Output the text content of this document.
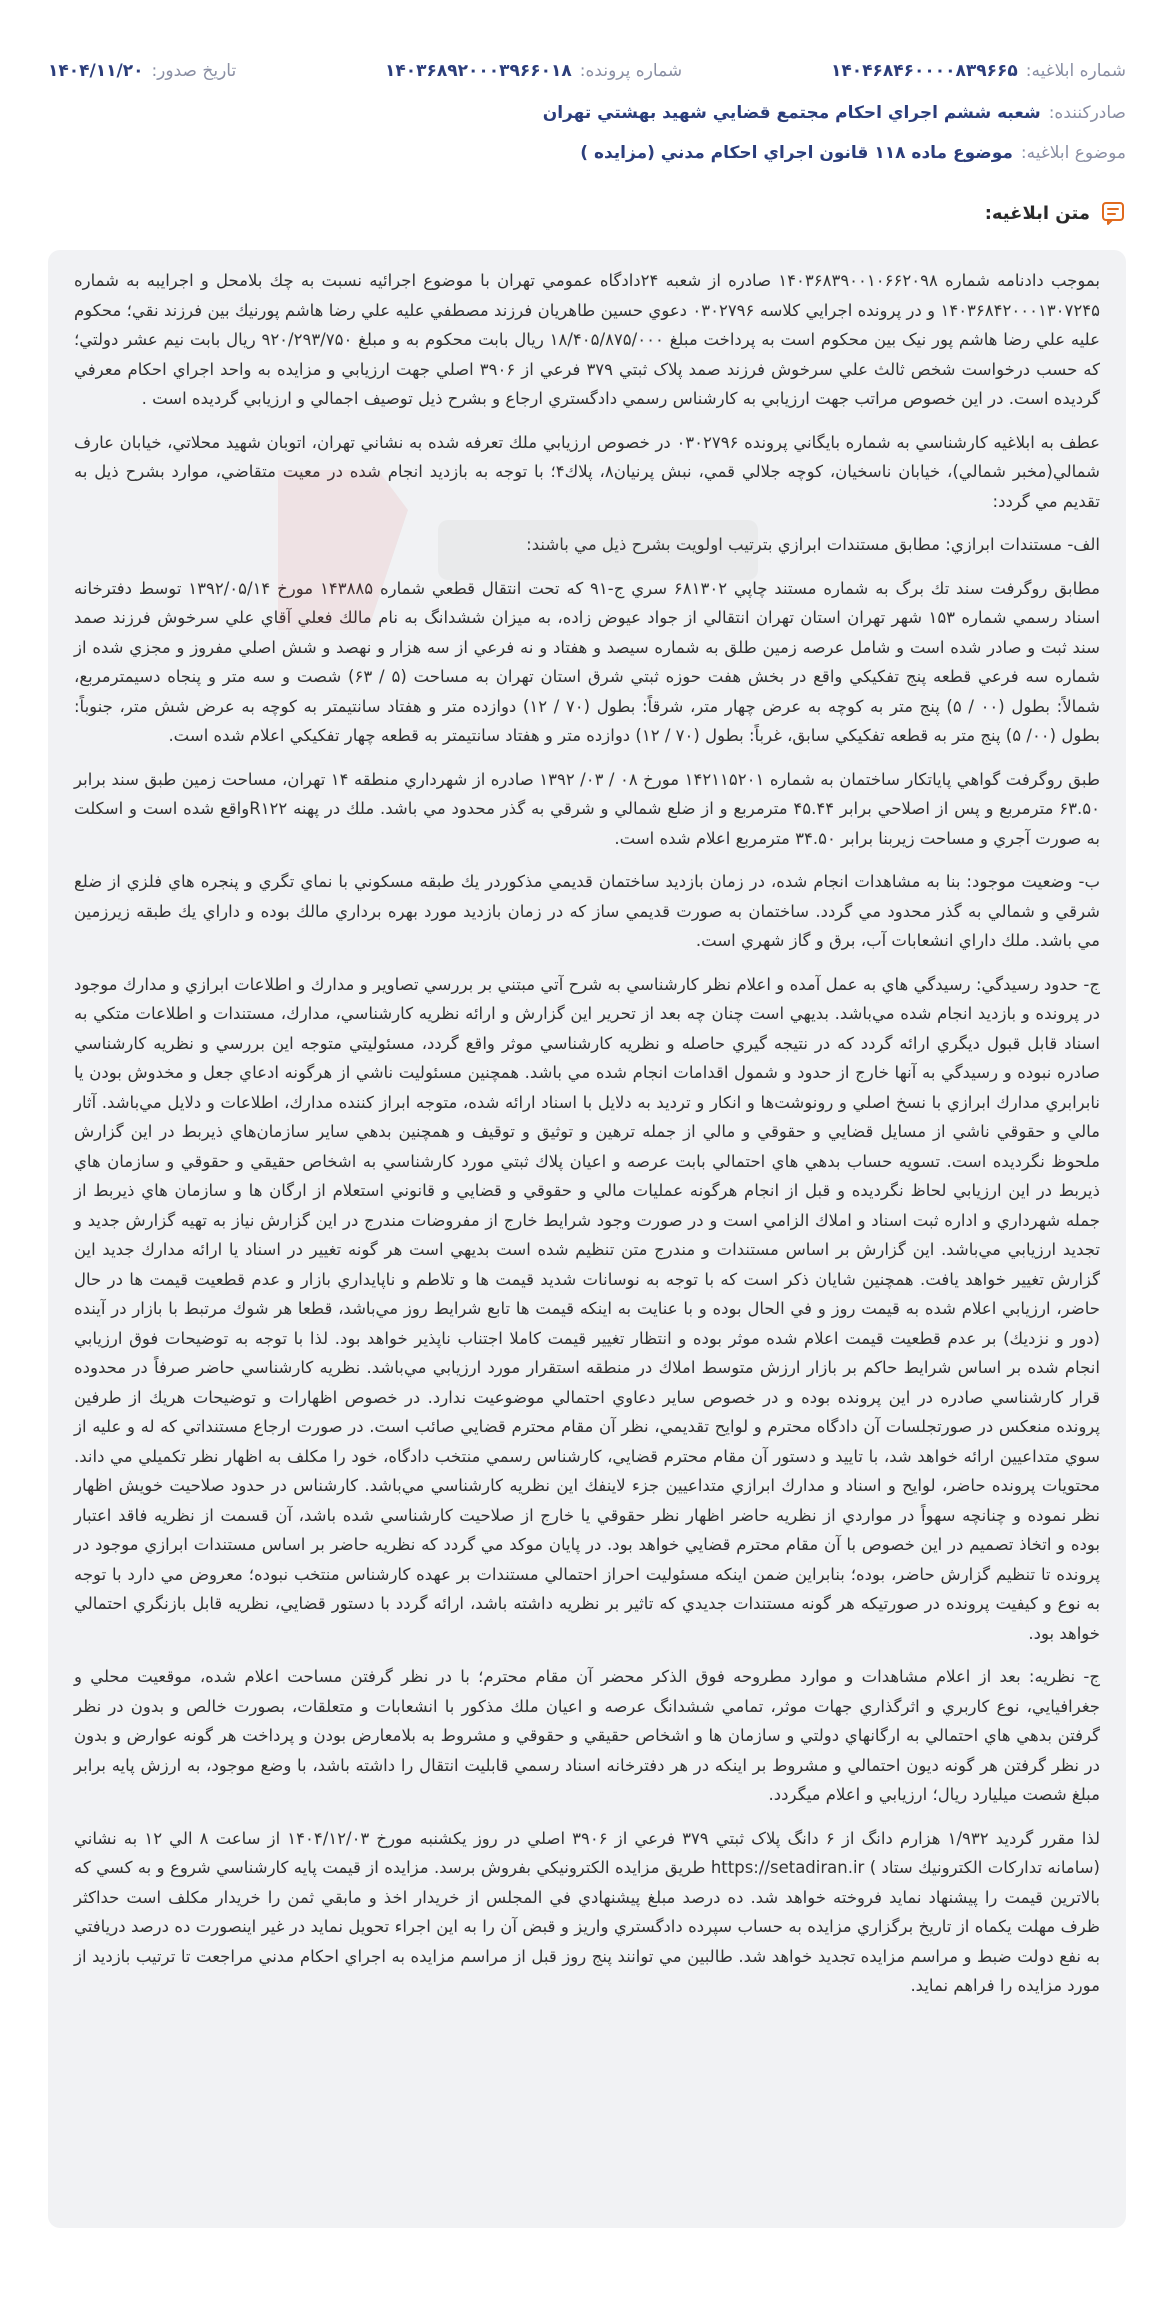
شماره ابلاغيه:
۱۴۰۴۶۸۴۶۰۰۰۰۸۳۹۶۶۵
شماره پرونده:
۱۴۰۳۶۸۹۲۰۰۰۳۹۶۶۰۱۸
تاريخ صدور:
۱۴۰۴/۱۱/۲۰
صادرکننده:
شعبه ششم اجراي احكام مجتمع قضايي شهيد بهشتي تهران
موضوع ابلاغيه:
موضوع ماده ۱۱۸ قانون اجراي احكام مدني (مزايده )
متن ابلاغيه:

بموجب دادنامه شماره ۱۴۰۳۶۸۳۹۰۰۱۰۶۶۲۰۹۸ صادره از شعبه ۲۴دادگاه عمومي تهران با موضوع اجرائيه نسبت به چك بلامحل و اجرايبه به شماره ۱۴۰۳۶۸۴۲۰۰۰۱۳۰۷۲۴۵ و در پرونده اجرايي كلاسه ۰۳۰۲۷۹۶ دعوي حسين طاهريان فرزند مصطفي عليه علي رضا هاشم پورنيك بين فرزند نقي؛ محكوم عليه علي رضا هاشم پور نيک بين محكوم است به پرداخت مبلغ ۱۸/۴۰۵/۸۷۵/۰۰۰ ريال بابت محكوم به و مبلغ ۹۲۰/۲۹۳/۷۵۰ ريال بابت نيم عشر دولتي؛ كه حسب درخواست شخص ثالث علي سرخوش فرزند صمد پلاک ثبتي ۳۷۹ فرعي از ۳۹۰۶ اصلي جهت ارزيابي و مزايده به واحد اجراي احكام معرفي گرديده است. در اين خصوص مراتب جهت ارزيابي به كارشناس رسمي دادگستري ارجاع و بشرح ذيل توصيف اجمالي و ارزيابي گرديده است .

عطف به ابلاغيه كارشناسي به شماره بايگاني پرونده ۰۳۰۲۷۹۶ در خصوص ارزيابي ملك تعرفه شده به نشاني تهران، اتوبان شهيد محلاتي، خيابان عارف شمالي(مخبر شمالي)، خيابان ناسخيان، كوچه جلالي قمي، نبش پرنيان۸، پلاك۴؛ با توجه به بازديد انجام شده در معيت متقاضي، موارد بشرح ذيل به تقديم مي گردد:

الف- مستندات ابرازي: مطابق مستندات ابرازي بترتيب اولويت بشرح ذيل مي باشند:

مطابق روگرفت سند تك برگ به شماره مستند چاپي ۶۸۱۳۰۲ سري ج-۹۱ كه تحت انتقال قطعي شماره ۱۴۳۸۸۵ مورخ ۱۳۹۲/۰۵/۱۴ توسط دفترخانه اسناد رسمي شماره ۱۵۳ شهر تهران استان تهران انتقالي از جواد عيوض زاده، به ميزان ششدانگ به نام مالك فعلي آقاي علي سرخوش فرزند صمد سند ثبت و صادر شده است و شامل عرصه زمين طلق به شماره سيصد و هفتاد و نه فرعي از سه هزار و نهصد و شش اصلي مفروز و مجزي شده از شماره سه فرعي قطعه پنج تفكيكي واقع در بخش هفت حوزه ثبتي شرق استان تهران به مساحت (۵ / ۶۳) شصت و سه متر و پنجاه دسيمترمربع، شمالاً: بطول (۰۰ / ۵) پنج متر به كوچه به عرض چهار متر، شرقاً: بطول (۷۰ / ۱۲) دوازده متر و هفتاد سانتيمتر به كوچه به عرض شش متر، جنوباً: بطول (۰۰/ ۵) پنج متر به قطعه تفكيكي سابق، غرباً: بطول (۷۰ / ۱۲) دوازده متر و هفتاد سانتيمتر به قطعه چهار تفكيكي اعلام شده است.

طبق روگرفت گواهي پاياتكار ساختمان به شماره ۱۴۲۱۱۵۲۰۱ مورخ ۰۸ / ۰۳/ ۱۳۹۲ صادره از شهرداري منطقه ۱۴ تهران، مساحت زمين طبق سند برابر ۶۳.۵۰ مترمربع و پس از اصلاحي برابر ۴۵.۴۴ مترمربع و از ضلع شمالي و شرقي به گذر محدود مي باشد. ملك در پهنه R۱۲۲واقع شده است و اسكلت به صورت آجري و مساحت زيربنا برابر ۳۴.۵۰ مترمربع اعلام شده است.

ب- وضعيت موجود: بنا به مشاهدات انجام شده، در زمان بازديد ساختمان قديمي مذكوردر يك طبقه مسكوني با نماي تگري و پنجره هاي فلزي از ضلع شرقي و شمالي به گذر محدود مي گردد. ساختمان به صورت قديمي ساز كه در زمان بازديد مورد بهره برداري مالك بوده و داراي يك طبقه زيرزمين مي باشد. ملك داراي انشعابات آب، برق و گاز شهري است.

ج- حدود رسيدگي: رسيدگي هاي به عمل آمده و اعلام نظر كارشناسي به شرح آتي مبتني بر بررسي تصاوير و مدارك و اطلاعات ابرازي و مدارك موجود در پرونده و بازديد انجام شده مي‌باشد. بديهي است چنان چه بعد از تحرير اين گزارش و ارائه نظريه كارشناسي، مدارك، مستندات و اطلاعات متكي به اسناد قابل قبول ديگري ارائه گردد كه در نتيجه گيري حاصله و نظريه كارشناسي موثر واقع گردد، مسئوليتي متوجه اين بررسي و نظريه كارشناسي صادره نبوده و رسيدگي به آنها خارج از حدود و شمول اقدامات انجام شده مي باشد. همچنين مسئوليت ناشي از هرگونه ادعاي جعل و مخدوش بودن يا نابرابري مدارك ابرازي با نسخ اصلي و رونوشت‌ها و انكار و ترديد به دلايل با اسناد ارائه شده، متوجه ابراز كننده مدارك، اطلاعات و دلايل مي‌باشد. آثار مالي و حقوقي ناشي از مسايل قضايي و حقوقي و مالي از جمله ترهين و توثيق و توقيف و همچنين بدهي ساير سازمان‌هاي ذيربط در اين گزارش ملحوظ نگرديده است. تسويه حساب بدهي هاي احتمالي بابت عرصه و اعيان پلاك ثبتي مورد كارشناسي به اشخاص حقيقي و حقوقي و سازمان هاي ذيربط در اين ارزيابي لحاظ نگرديده و قبل از انجام هرگونه عمليات مالي و حقوقي و قضايي و قانوني استعلام از ارگان ها و سازمان هاي ذيربط از جمله شهرداري و اداره ثبت اسناد و املاك الزامي است و در صورت وجود شرايط خارج از مفروضات مندرج در اين گزارش نياز به تهيه گزارش جديد و تجديد ارزيابي مي‌باشد. اين گزارش بر اساس مستندات و مندرج متن تنظيم شده است بديهي است هر گونه تغيير در اسناد يا ارائه مدارك جديد اين گزارش تغيير خواهد يافت. همچنين شايان ذكر است كه با توجه به نوسانات شديد قيمت ها و تلاطم و ناپايداري بازار و عدم قطعيت قيمت ها در حال حاضر، ارزيابي اعلام شده به قيمت روز و في الحال بوده و با عنايت به اينكه قيمت ها تابع شرايط روز مي‌باشد، قطعا هر شوك مرتبط با بازار در آينده (دور و نزديك) بر عدم قطعيت قيمت اعلام شده موثر بوده و انتظار تغيير قيمت كاملا اجتناب ناپذير خواهد بود. لذا با توجه به توضيحات فوق ارزيابي انجام شده بر اساس شرايط حاكم بر بازار ارزش متوسط املاك در منطقه استقرار مورد ارزيابي مي‌باشد. نظريه كارشناسي حاضر صرفاً در محدوده قرار كارشناسي صادره در اين پرونده بوده و در خصوص ساير دعاوي احتمالي موضوعيت ندارد. در خصوص اظهارات و توضيحات هريك از طرفين پرونده منعكس در صورتجلسات آن دادگاه محترم و لوايح تقديمي، نظر آن مقام محترم قضايي صائب است. در صورت ارجاع مستنداتي كه له و عليه از سوي متداعيين ارائه خواهد شد، با تاييد و دستور آن مقام محترم قضايي، كارشناس رسمي منتخب دادگاه، خود را مكلف به اظهار نظر تكميلي مي داند. محتويات پرونده حاضر، لوايح و اسناد و مدارك ابرازي متداعيين جزء لاينفك اين نظريه كارشناسي مي‌باشد. كارشناس در حدود صلاحيت خويش اظهار نظر نموده و چنانچه سهواً در مواردي از نظريه حاضر اظهار نظر حقوقي يا خارج از صلاحيت كارشناسي شده باشد، آن قسمت از نظريه فاقد اعتبار بوده و اتخاذ تصميم در اين خصوص با آن مقام محترم قضايي خواهد بود. در پايان موكد مي گردد كه نظريه حاضر بر اساس مستندات ابرازي موجود در پرونده تا تنظيم گزارش حاضر، بوده؛ بنابراين ضمن اينكه مسئوليت احراز احتمالي مستندات بر عهده كارشناس منتخب نبوده؛ معروض مي دارد با توجه به نوع و كيفيت پرونده در صورتيكه هر گونه مستندات جديدي كه تاثير بر نظريه داشته باشد، ارائه گردد با دستور قضايي، نظريه قابل بازنگري احتمالي خواهد بود.

ج- نظريه: بعد از اعلام مشاهدات و موارد مطروحه فوق الذكر محضر آن مقام محترم؛ با در نظر گرفتن مساحت اعلام شده، موقعيت محلي و جغرافيايي، نوع كاربري و اثرگذاري جهات موثر، تمامي ششدانگ عرصه و اعيان ملك مذكور با انشعابات و متعلقات، بصورت خالص و بدون در نظر گرفتن بدهي هاي احتمالي به ارگانهاي دولتي و سازمان ها و اشخاص حقيقي و حقوقي و مشروط به بلامعارض بودن و پرداخت هر گونه عوارض و بدون در نظر گرفتن هر گونه ديون احتمالي و مشروط بر اينكه در هر دفترخانه اسناد رسمي قابليت انتقال را داشته باشد، با وضع موجود، به ارزش پايه برابر مبلغ شصت ميليارد ريال؛ ارزيابي و اعلام ميگردد.

لذا مقرر گرديد ۱/۹۳۲ هزارم دانگ از ۶ دانگ پلاک ثبتي ۳۷۹ فرعي از ۳۹۰۶ اصلي در روز يکشنبه مورخ ۱۴۰۴/۱۲/۰۳ از ساعت ۸ الي ۱۲ به نشاني (سامانه تداركات الكترونيك ستاد ) https://setadiran.ir طريق مزايده الكترونيكي بفروش برسد. مزايده از قيمت پايه كارشناسي شروع و به كسي كه بالاترين قيمت را پيشنهاد نمايد فروخته خواهد شد. ده درصد مبلغ پيشنهادي في المجلس از خريدار اخذ و مابقي ثمن را خريدار مكلف است حداكثر ظرف مهلت يكماه از تاريخ برگزاري مزايده به حساب سپرده دادگستري واريز و قبض آن را به اين اجراء تحويل نمايد در غير اينصورت ده درصد دريافتي به نفع دولت ضبط و مراسم مزايده تجديد خواهد شد. طالبين مي توانند پنج روز قبل از مراسم مزايده به اجراي احكام مدني مراجعت تا ترتيب بازديد از مورد مزايده را فراهم نمايد.
